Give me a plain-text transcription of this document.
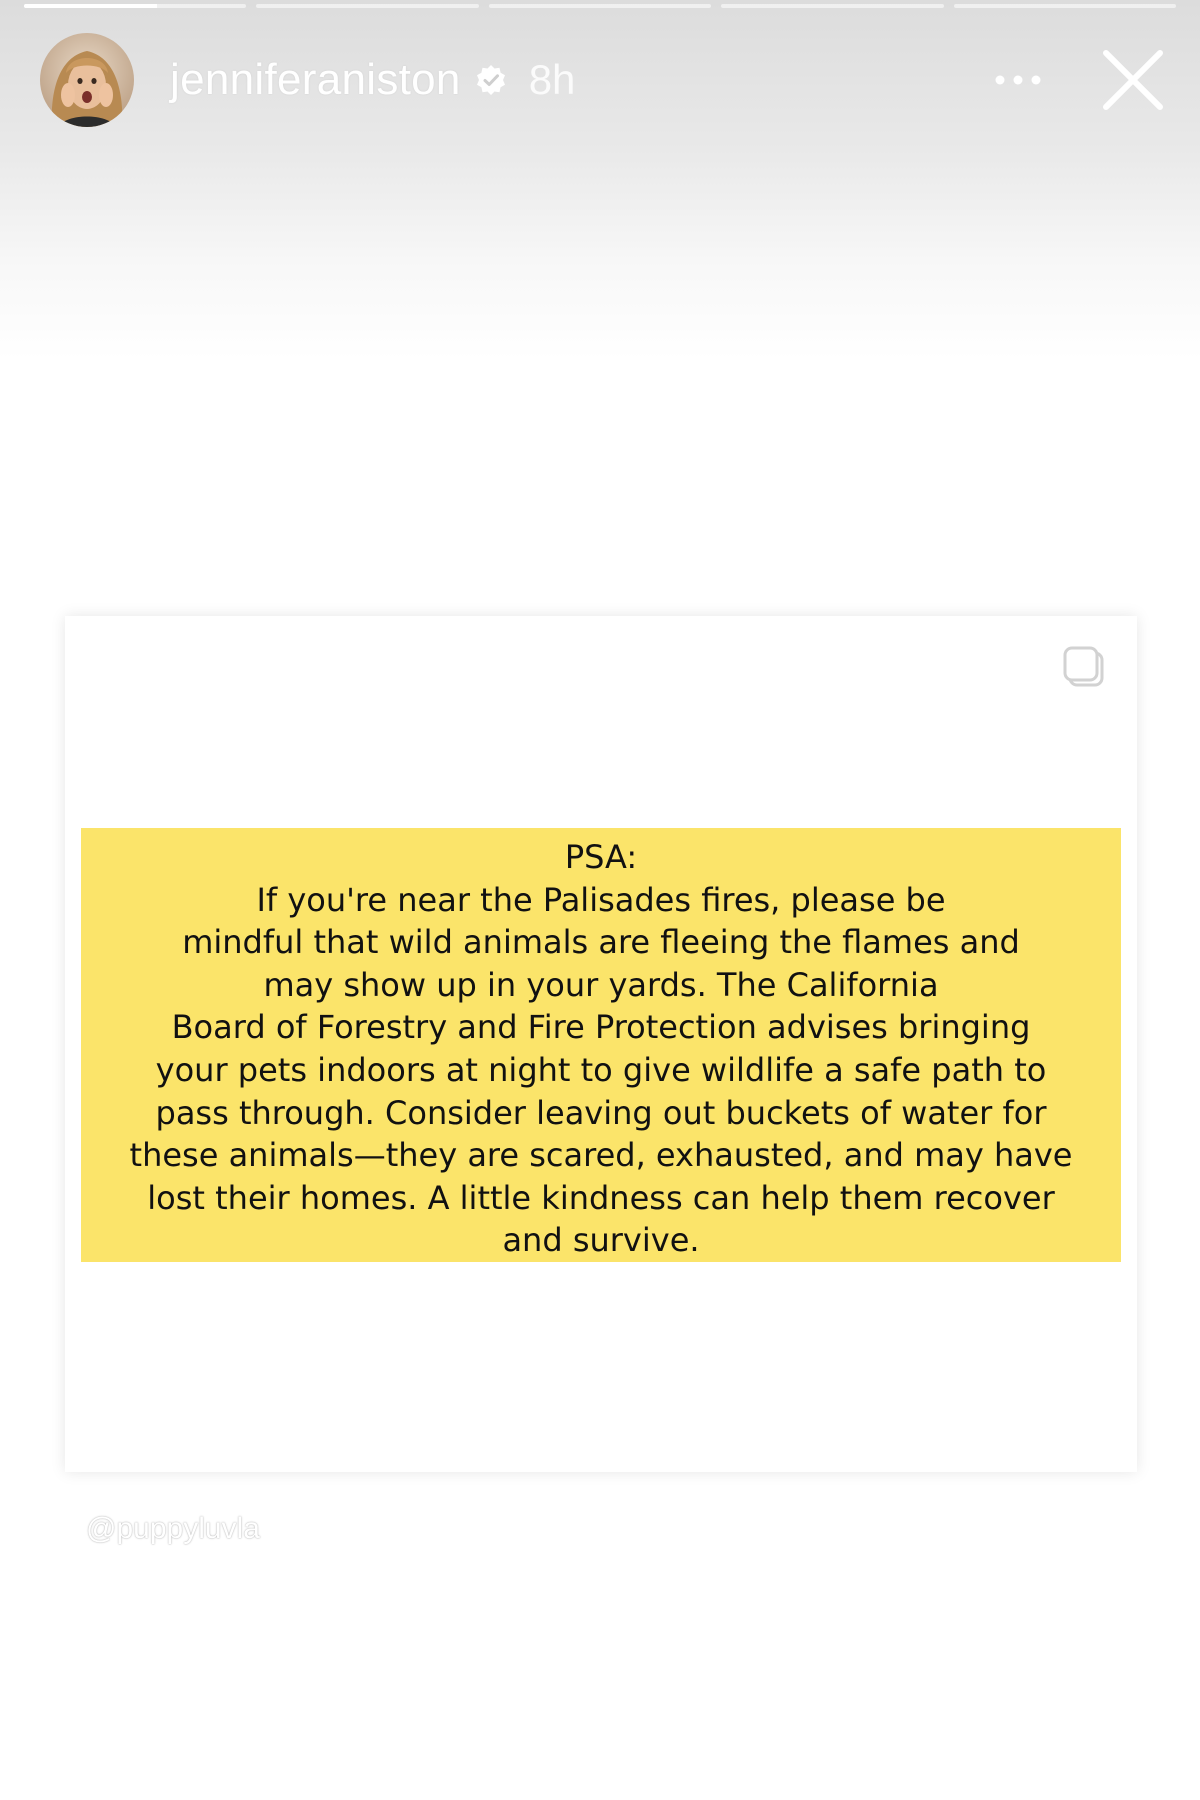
jenniferaniston 8h
PSA:
If you're near the Palisades fires, please be
mindful that wild animals are fleeing the flames and
may show up in your yards. The California
Board of Forestry and Fire Protection advises bringing
your pets indoors at night to give wildlife a safe path to
pass through. Consider leaving out buckets of water for
these animals—they are scared, exhausted, and may have
lost their homes. A little kindness can help them recover
and survive.
@puppyluvla
